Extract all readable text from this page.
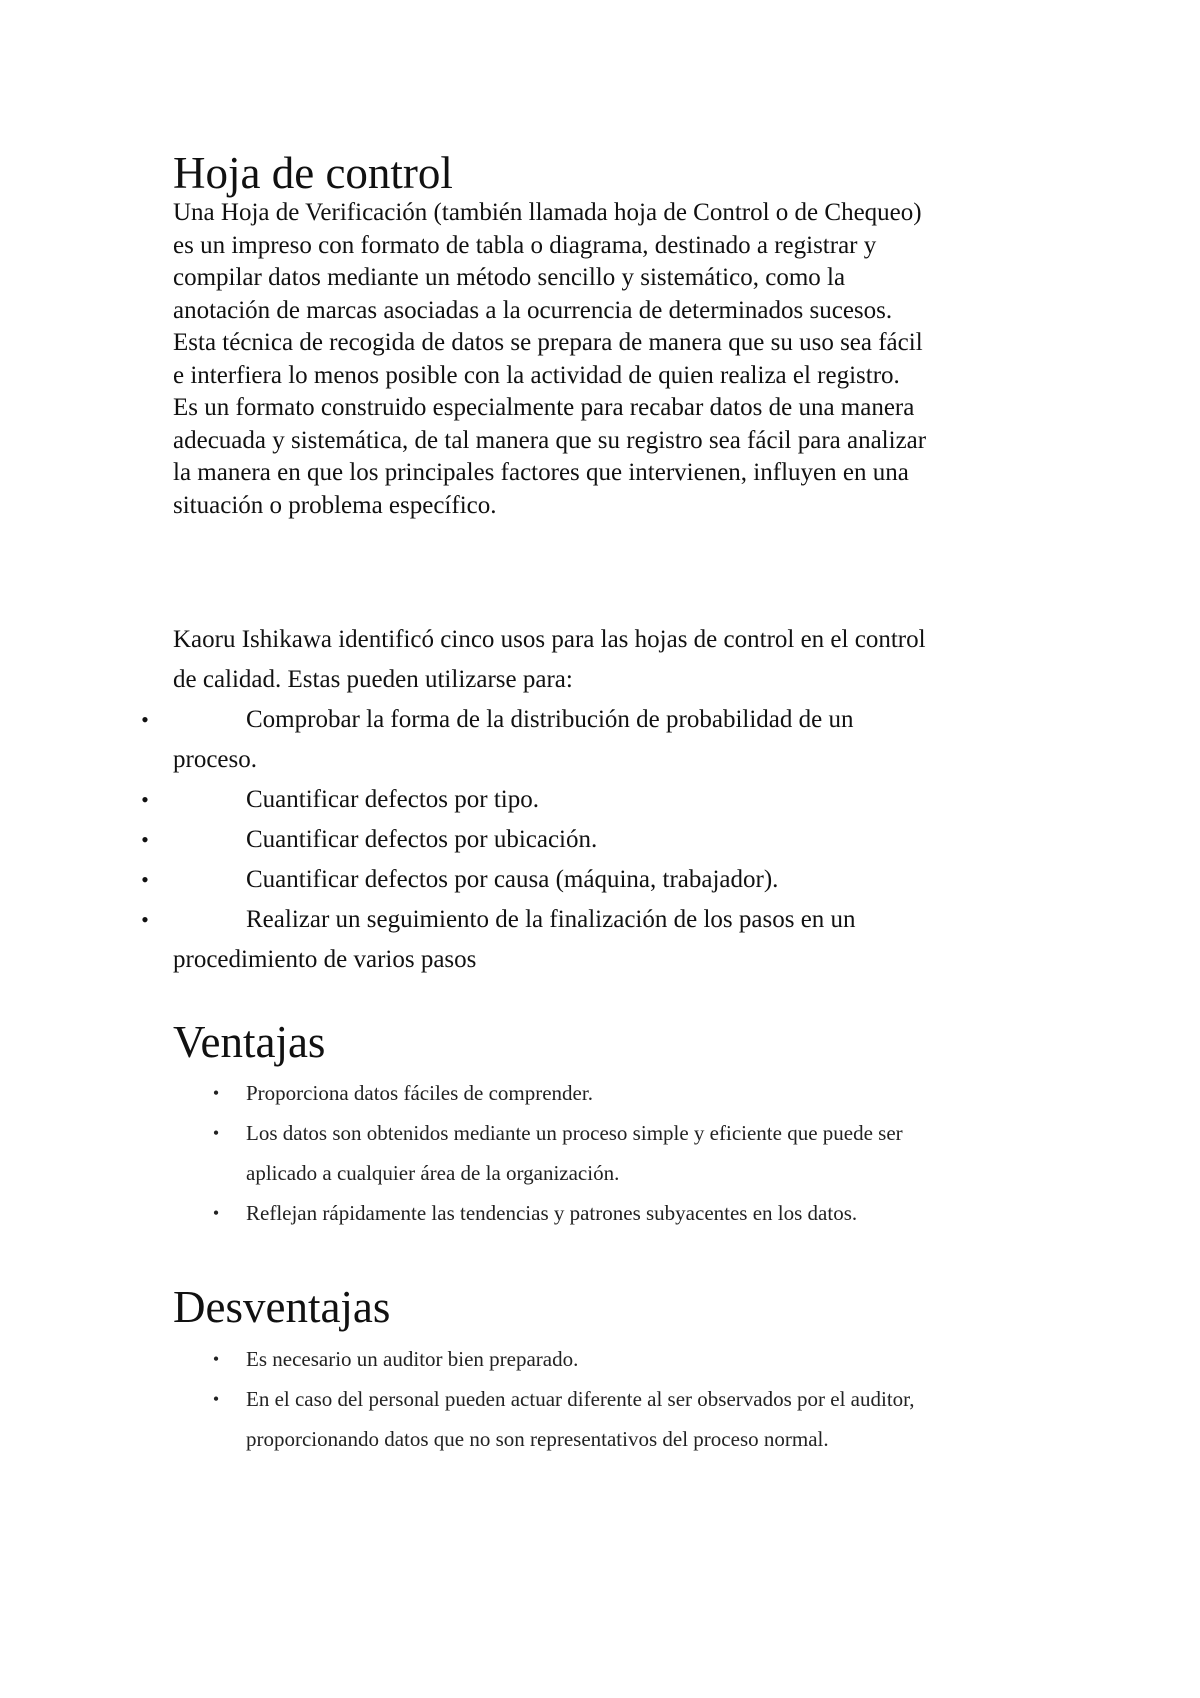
Hoja de control
Una Hoja de Verificación (también llamada hoja de Control o de Chequeo)
es un impreso con formato de tabla o diagrama, destinado a registrar y
compilar datos mediante un método sencillo y sistemático, como la
anotación de marcas asociadas a la ocurrencia de determinados sucesos.
Esta técnica de recogida de datos se prepara de manera que su uso sea fácil
e interfiera lo menos posible con la actividad de quien realiza el registro.
Es un formato construido especialmente para recabar datos de una manera
adecuada y sistemática, de tal manera que su registro sea fácil para analizar
la manera en que los principales factores que intervienen, influyen en una
situación o problema específico.
Kaoru Ishikawa identificó cinco usos para las hojas de control en el control
de calidad. Estas pueden utilizarse para:
•	Comprobar la forma de la distribución de probabilidad de un
proceso.
•	Cuantificar defectos por tipo.
•	Cuantificar defectos por ubicación.
•	Cuantificar defectos por causa (máquina, trabajador).
•	Realizar un seguimiento de la finalización de los pasos en un
procedimiento de varios pasos
Ventajas
•	Proporciona datos fáciles de comprender.
•	Los datos son obtenidos mediante un proceso simple y eficiente que puede ser
aplicado a cualquier área de la organización.
•	Reflejan rápidamente las tendencias y patrones subyacentes en los datos.
Desventajas
•	Es necesario un auditor bien preparado.
•	En el caso del personal pueden actuar diferente al ser observados por el auditor,
proporcionando datos que no son representativos del proceso normal.
